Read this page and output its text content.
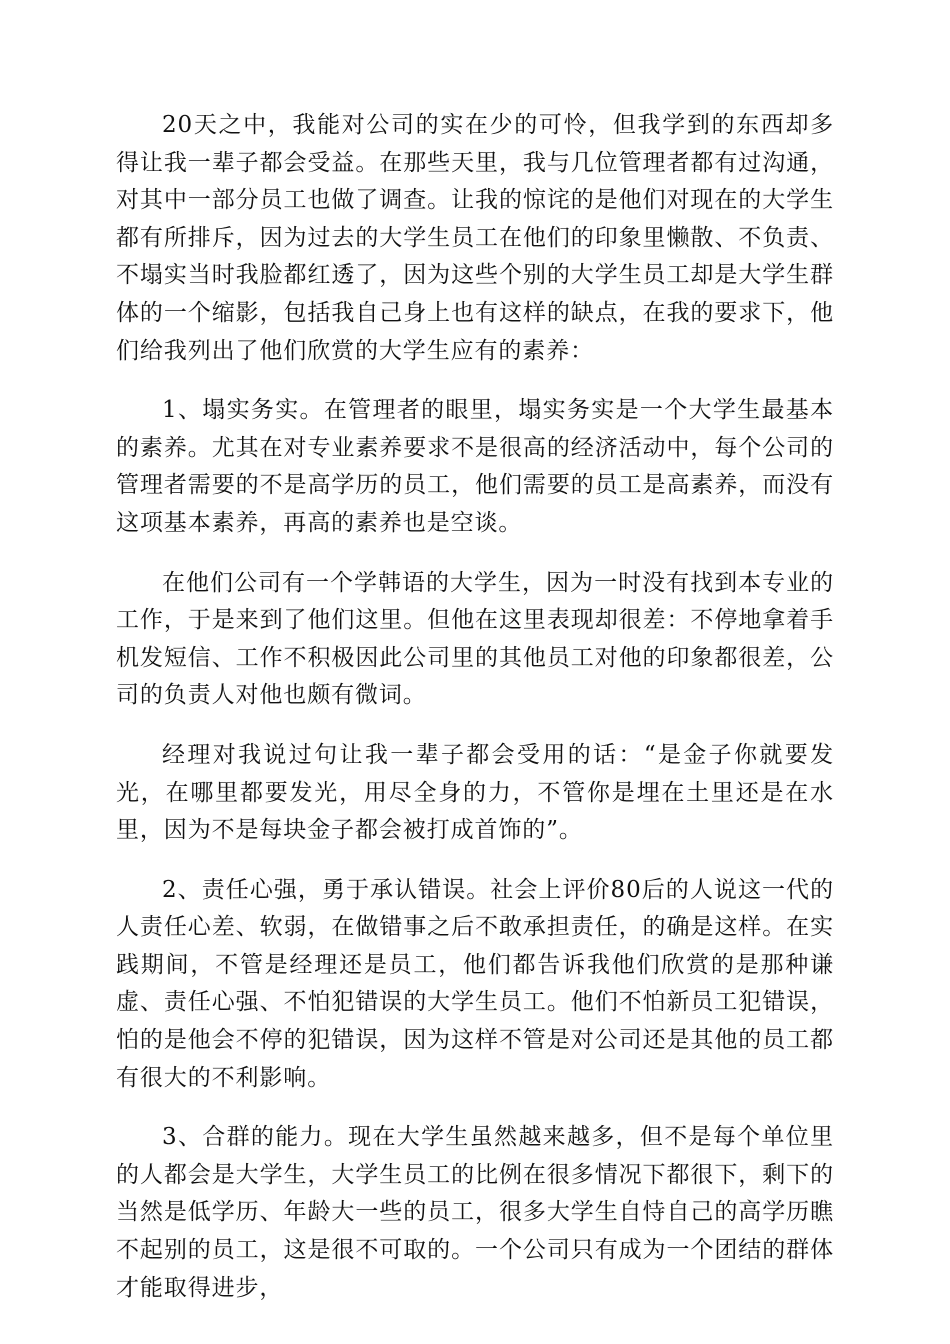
20天之中，我能对公司的实在少的可怜，但我学到的东西却多得让我一辈子都会受益。在那些天里，我与几位管理者都有过沟通，对其中一部分员工也做了调查。让我的惊诧的是他们对现在的大学生都有所排斥，因为过去的大学生员工在他们的印象里懒散、不负责、不塌实当时我脸都红透了，因为这些个别的大学生员工却是大学生群体的一个缩影，包括我自己身上也有这样的缺点，在我的要求下，他们给我列出了他们欣赏的大学生应有的素养：

1、塌实务实。在管理者的眼里，塌实务实是一个大学生最基本的素养。尤其在对专业素养要求不是很高的经济活动中，每个公司的管理者需要的不是高学历的员工，他们需要的员工是高素养，而没有这项基本素养，再高的素养也是空谈。

在他们公司有一个学韩语的大学生，因为一时没有找到本专业的工作，于是来到了他们这里。但他在这里表现却很差：不停地拿着手机发短信、工作不积极因此公司里的其他员工对他的印象都很差，公司的负责人对他也颇有微词。

经理对我说过句让我一辈子都会受用的话：“是金子你就要发光，在哪里都要发光，用尽全身的力，不管你是埋在土里还是在水里，因为不是每块金子都会被打成首饰的”。

2、责任心强，勇于承认错误。社会上评价80后的人说这一代的人责任心差、软弱，在做错事之后不敢承担责任，的确是这样。在实践期间，不管是经理还是员工，他们都告诉我他们欣赏的是那种谦虚、责任心强、不怕犯错误的大学生员工。他们不怕新员工犯错误，怕的是他会不停的犯错误，因为这样不管是对公司还是其他的员工都有很大的不利影响。

3、合群的能力。现在大学生虽然越来越多，但不是每个单位里的人都会是大学生，大学生员工的比例在很多情况下都很下，剩下的当然是低学历、年龄大一些的员工，很多大学生自恃自己的高学历瞧不起别的员工，这是很不可取的。一个公司只有成为一个团结的群体才能取得进步，
